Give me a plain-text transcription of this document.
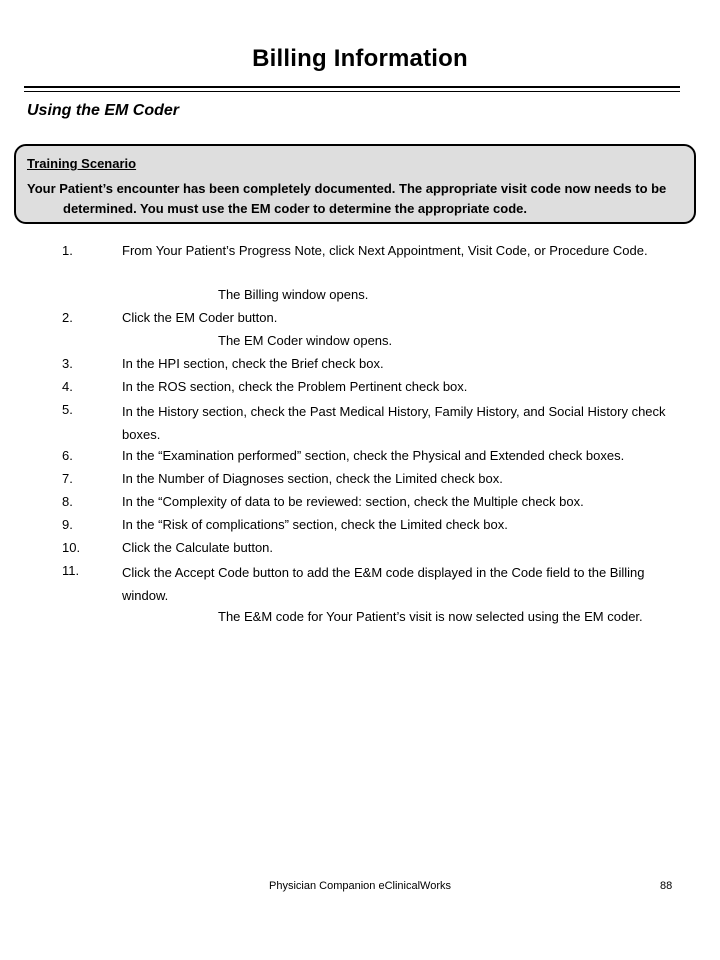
Billing Information
Using the EM Coder
Training Scenario
Your Patient’s encounter has been completely documented. The appropriate visit code now needs to be determined. You must use the EM coder to determine the appropriate code.
1.	From Your Patient’s Progress Note, click Next Appointment, Visit Code, or Procedure Code.
The Billing window opens.
2.	Click the EM Coder button.
The EM Coder window opens.
3.	In the HPI section, check the Brief check box.
4.	In the ROS section, check the Problem Pertinent check box.
5.	In the History section, check the Past Medical History, Family History, and Social History check boxes.
6.	In the “Examination performed” section, check the Physical and Extended check boxes.
7.	In the Number of Diagnoses section, check the Limited check box.
8.	In the “Complexity of data to be reviewed: section, check the Multiple check box.
9.	In the “Risk of complications” section, check the Limited check box.
10.	Click the Calculate button.
11.	Click the Accept Code button to add the E&M code displayed in the Code field to the Billing window.
The E&M code for Your Patient’s visit is now selected using the EM coder.
Physician Companion eClinicalWorks	88
